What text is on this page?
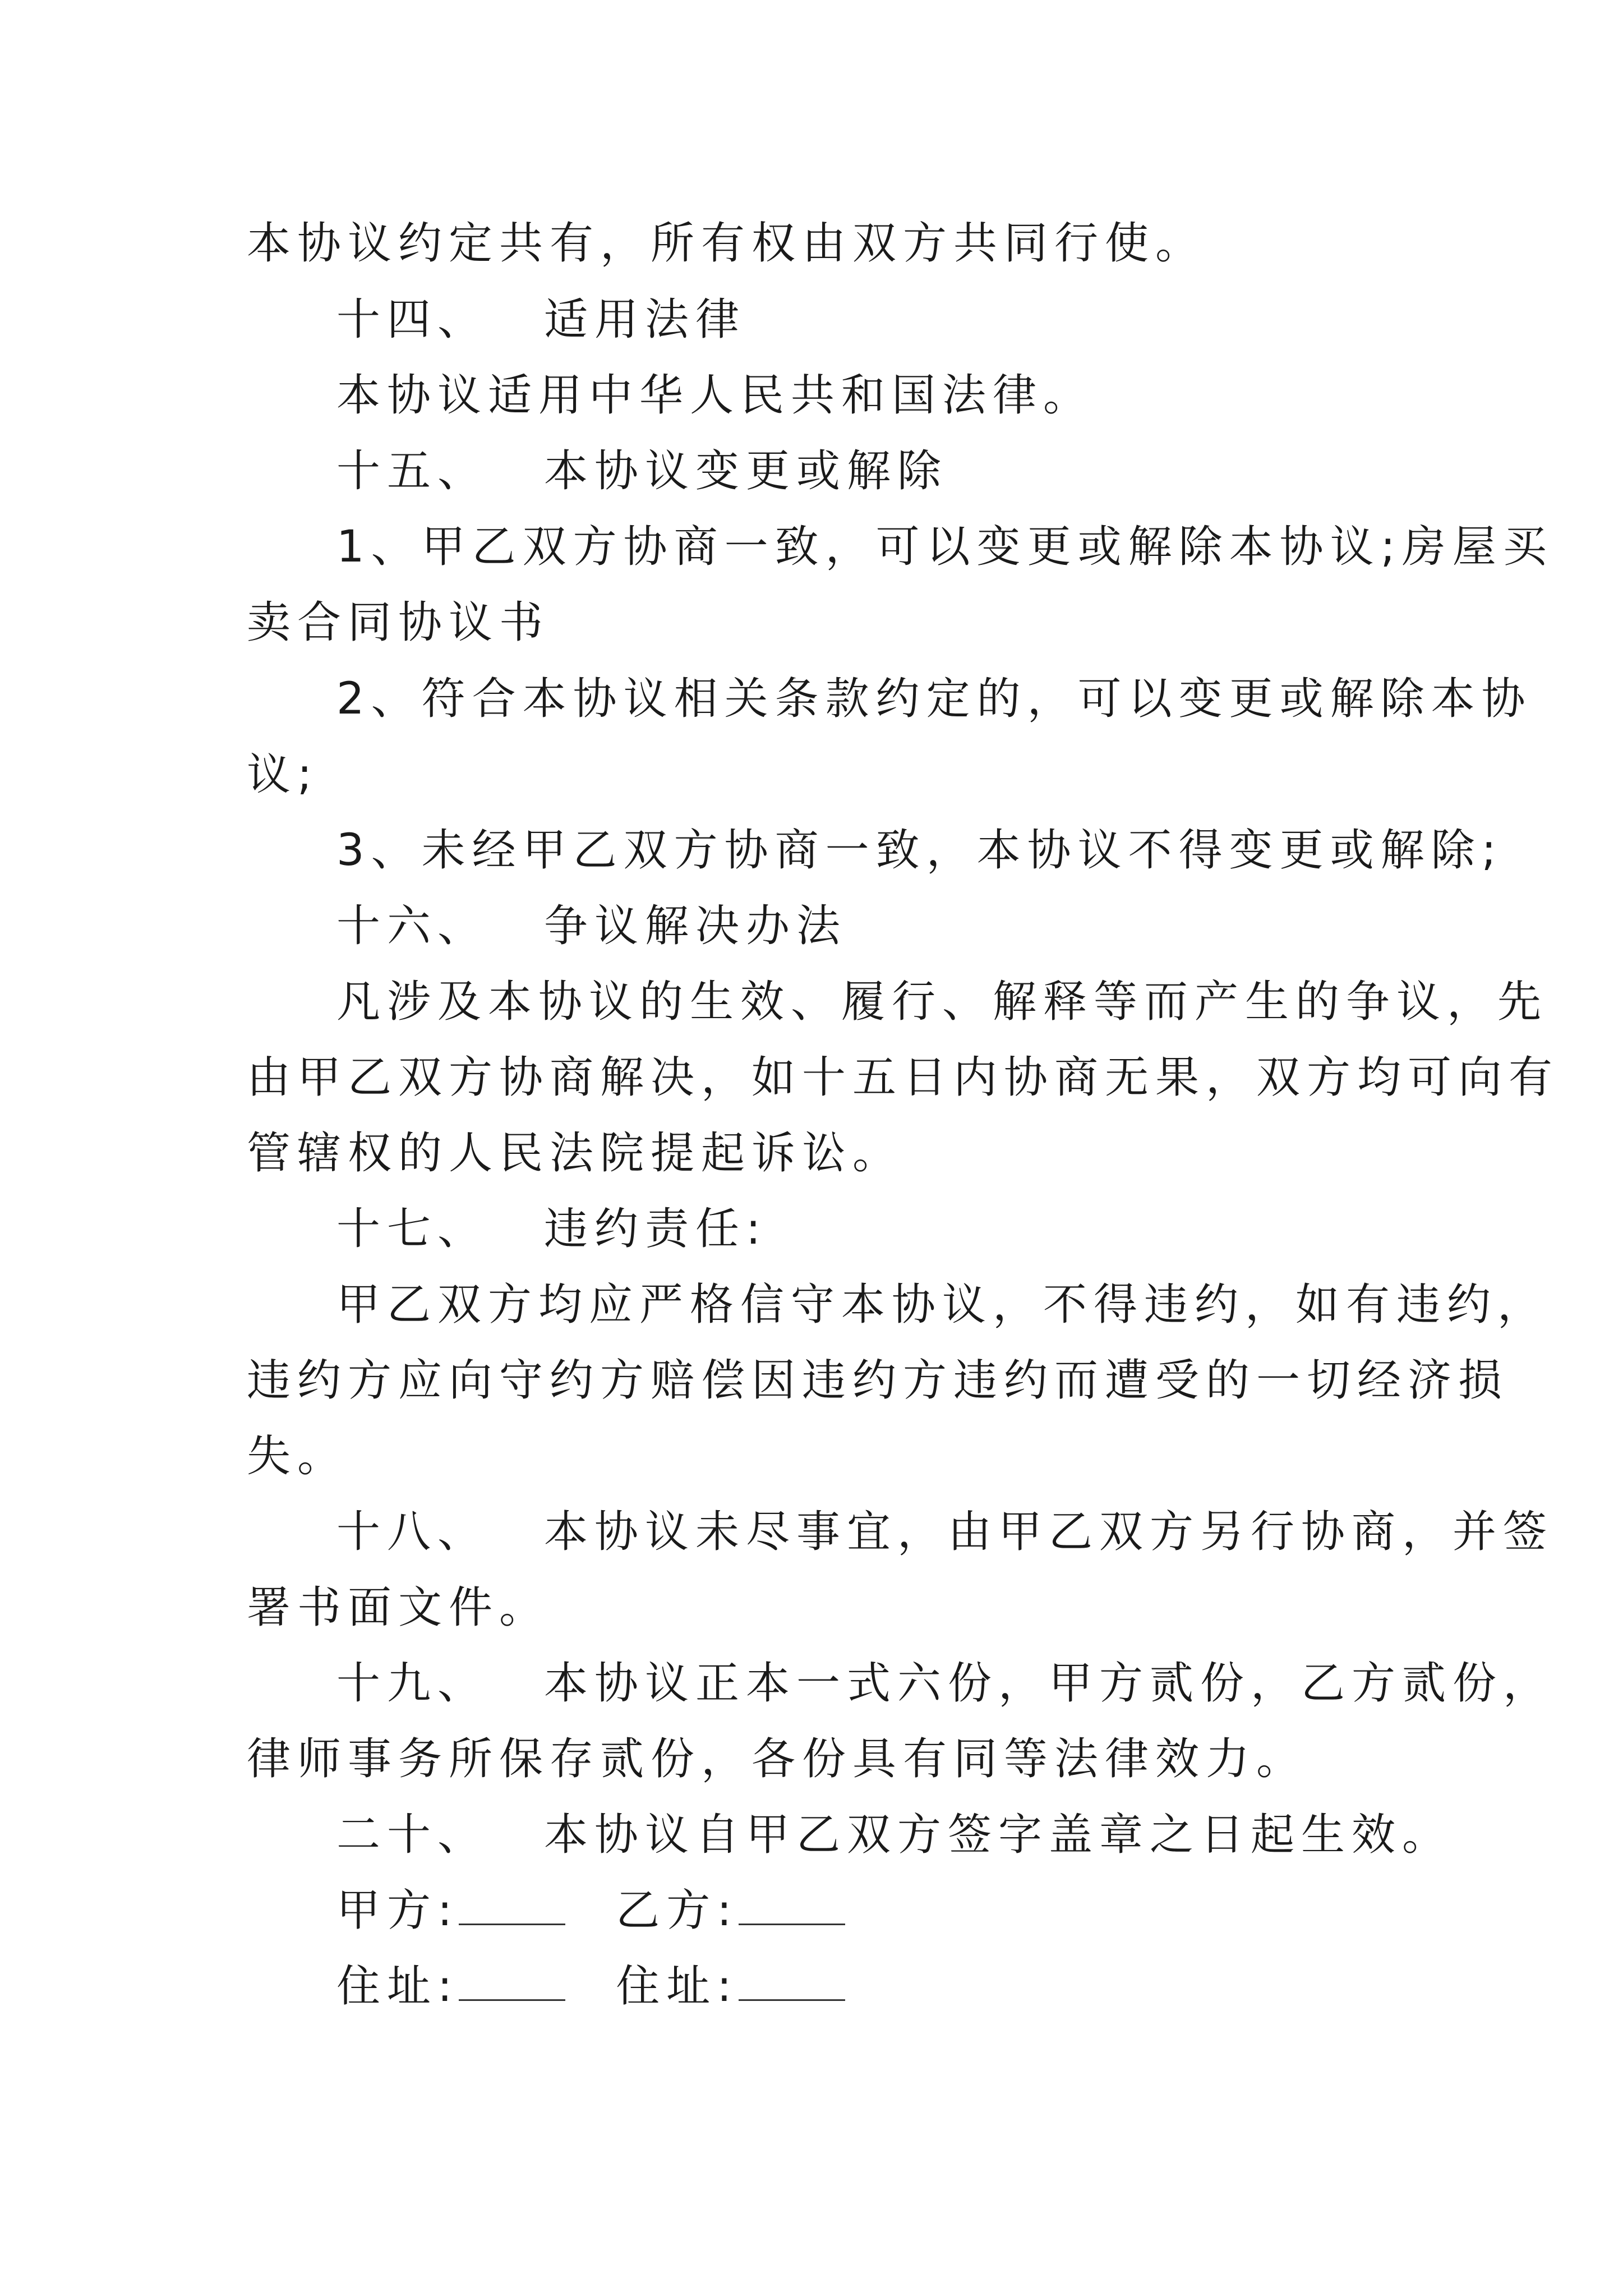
本协议约定共有，所有权由双方共同行使。
十四、 适用法律
本协议适用中华人民共和国法律。
十五、 本协议变更或解除
1、甲乙双方协商一致，可以变更或解除本协议;房屋买
卖合同协议书
2、符合本协议相关条款约定的，可以变更或解除本协
议;
3、未经甲乙双方协商一致，本协议不得变更或解除;
十六、 争议解决办法
凡涉及本协议的生效、履行、解释等而产生的争议，先
由甲乙双方协商解决，如十五日内协商无果，双方均可向有
管辖权的人民法院提起诉讼。
十七、 违约责任:
甲乙双方均应严格信守本协议，不得违约，如有违约，
违约方应向守约方赔偿因违约方违约而遭受的一切经济损
失。
十八、 本协议未尽事宜，由甲乙双方另行协商，并签
署书面文件。
十九、 本协议正本一式六份，甲方贰份，乙方贰份，
律师事务所保存贰份，各份具有同等法律效力。
二十、 本协议自甲乙双方签字盖章之日起生效。
甲方:	乙方:
住址:	住址:
